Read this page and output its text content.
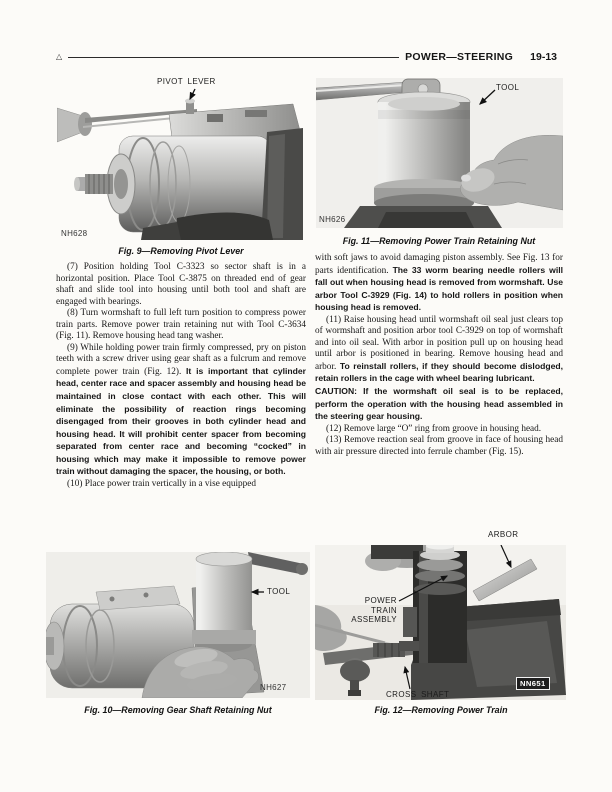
△	POWER—STEERING 19-13
PIVOT LEVER
NH628
Fig. 9—Removing Pivot Lever
TOOL
NH626
Fig. 11—Removing Power Train Retaining Nut

(7) Position holding Tool C-3323 so sector shaft is in a horizontal position. Place Tool C-3875 on threaded end of gear shaft and slide tool into housing until both tool and shaft are engaged with bearings.

(8) Turn wormshaft to full left turn position to compress power train parts. Remove power train retaining nut with Tool C-3634 (Fig. 11). Remove housing head tang washer.

(9) While holding power train firmly compressed, pry on piston teeth with a screw driver using gear shaft as a fulcrum and remove complete power train (Fig. 12). It is important that cylinder head, center race and spacer assembly and housing head be maintained in close contact with each other. This will eliminate the possibility of reaction rings becoming disengaged from their grooves in both cylinder head and housing head. It will prohibit center spacer from becoming separated from center race and becoming “cocked” in housing which may make it impossible to remove power train without damaging the spacer, the housing, or both.

(10) Place power train vertically in a vise equipped

with soft jaws to avoid damaging piston assembly. See Fig. 13 for parts identification. The 33 worm bearing needle rollers will fall out when housing head is removed from wormshaft. Use arbor Tool C-3929 (Fig. 14) to hold rollers in position when housing head is removed.

(11) Raise housing head until wormshaft oil seal just clears top of wormshaft and position arbor tool C-3929 on top of wormshaft and into oil seal. With arbor in position pull up on housing head until arbor is positioned in bearing. Remove housing head and arbor. To reinstall rollers, if they should become dislodged, retain rollers in the cage with wheel bearing lubricant.

CAUTION: If the wormshaft oil seal is to be replaced, perform the operation with the housing head assembled in the steering gear housing.

(12) Remove large “O” ring from groove in housing head.

(13) Remove reaction seal from groove in face of housing head with air pressure directed into ferrule chamber (Fig. 15).

TOOL
NH627
Fig. 10—Removing Gear Shaft Retaining Nut
ARBOR
POWER TRAIN ASSEMBLY
CROSS SHAFT
NN651
Fig. 12—Removing Power Train
